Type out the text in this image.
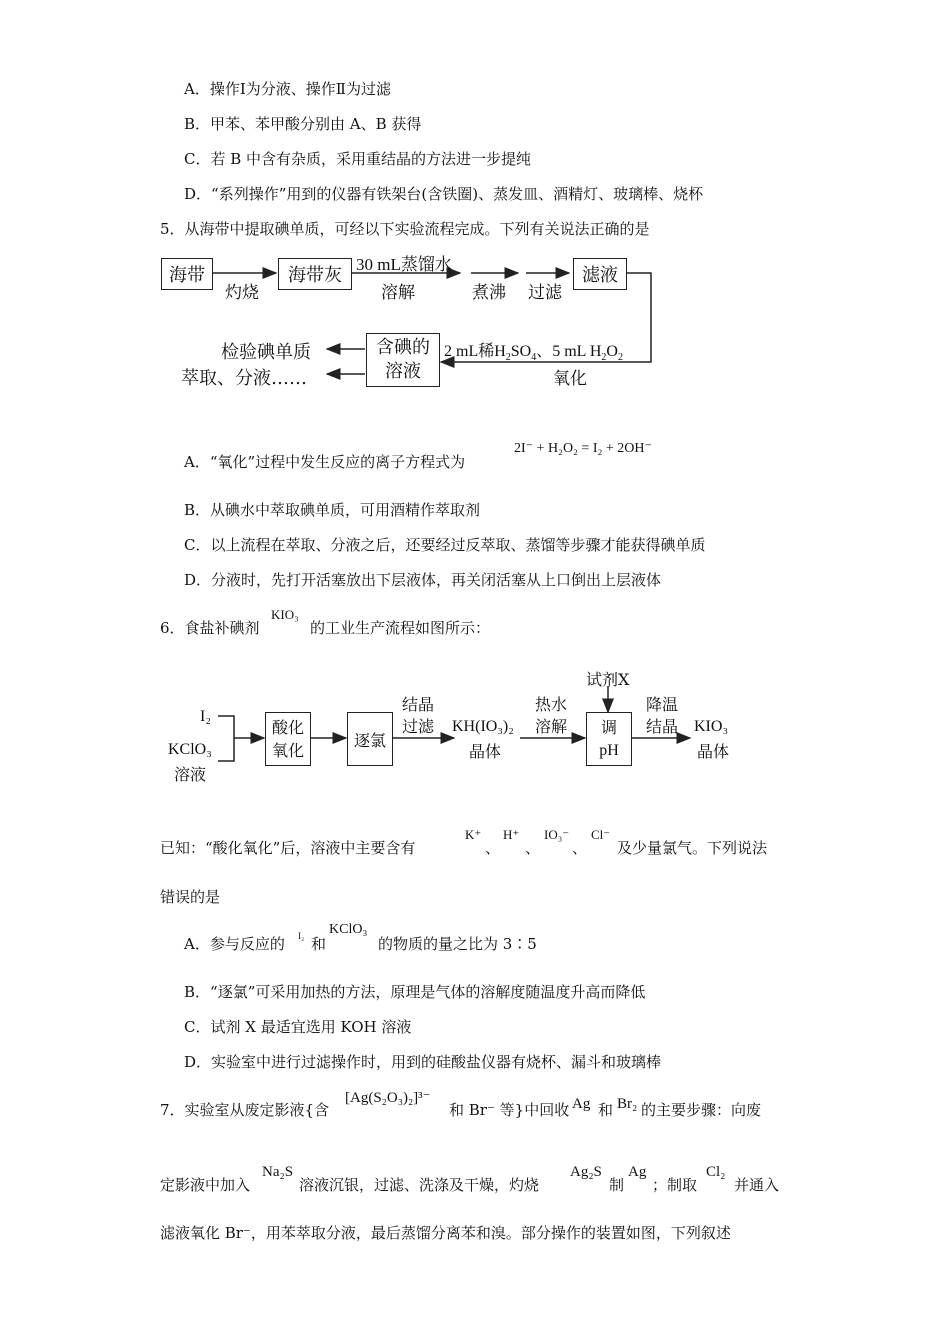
A．操作Ⅰ为分液、操作Ⅱ为过滤
B．甲苯、苯甲酸分别由 A、B 获得
C．若 B 中含有杂质，采用重结晶的方法进一步提纯
D．“系列操作”用到的仪器有铁架台(含铁圈)、蒸发皿、酒精灯、玻璃棒、烧杯
5．从海带中提取碘单质，可经以下实验流程完成。下列有关说法正确的是
海带
灼烧
海带灰
30 mL蒸馏水
溶解	煮沸 过滤
滤液
2 mL稀$H_2SO_4$、5 mL $H_2O_2$
氧化
含碘的
溶液
检验碘单质
萃取、分液……
I₂
KClO₃
溶液
酸化
氧化
逐氯
结晶
过滤 KH(IO₃)₂
晶体
热水
溶解
试剂X
调
pH
降温
结晶 KIO₃
晶体
A．“氧化”过程中发生反应的离子方程式为
2I⁻ + H₂O₂ = I₂ + 2OH⁻
B．从碘水中萃取碘单质，可用酒精作萃取剂
C．以上流程在萃取、分液之后，还要经过反萃取、蒸馏等步骤才能获得碘单质
D．分液时，先打开活塞放出下层液体，再关闭活塞从上口倒出上层液体
6．食盐补碘剂
KIO₃
的工业生产流程如图所示：
已知：“酸化氧化”后，溶液中主要含有
K⁺
、
H⁺
、
IO₃⁻
、
Cl⁻
及少量氯气。下列说法
错误的是
A．参与反应的 I₂ 和
KClO₃
的物质的量之比为 3∶5
B．“逐氯”可采用加热的方法，原理是气体的溶解度随温度升高而降低
C．试剂 X 最适宜选用 KOH 溶液
D．实验室中进行过滤操作时，用到的硅酸盐仪器有烧杯、漏斗和玻璃棒
7．实验室从废定影液{含
[Ag(S₂O₃)₂]³⁻
和 Br⁻ 等}中回收 Ag 和 Br₂ 的主要步骤：向废
定影液中加入
Na₂S
溶液沉银，过滤、洗涤及干燥，灼烧
Ag₂S
制
Ag
；制取
Cl₂
并通入
滤液氧化 Br⁻，用苯萃取分液，最后蒸馏分离苯和溴。部分操作的装置如图，下列叙述
